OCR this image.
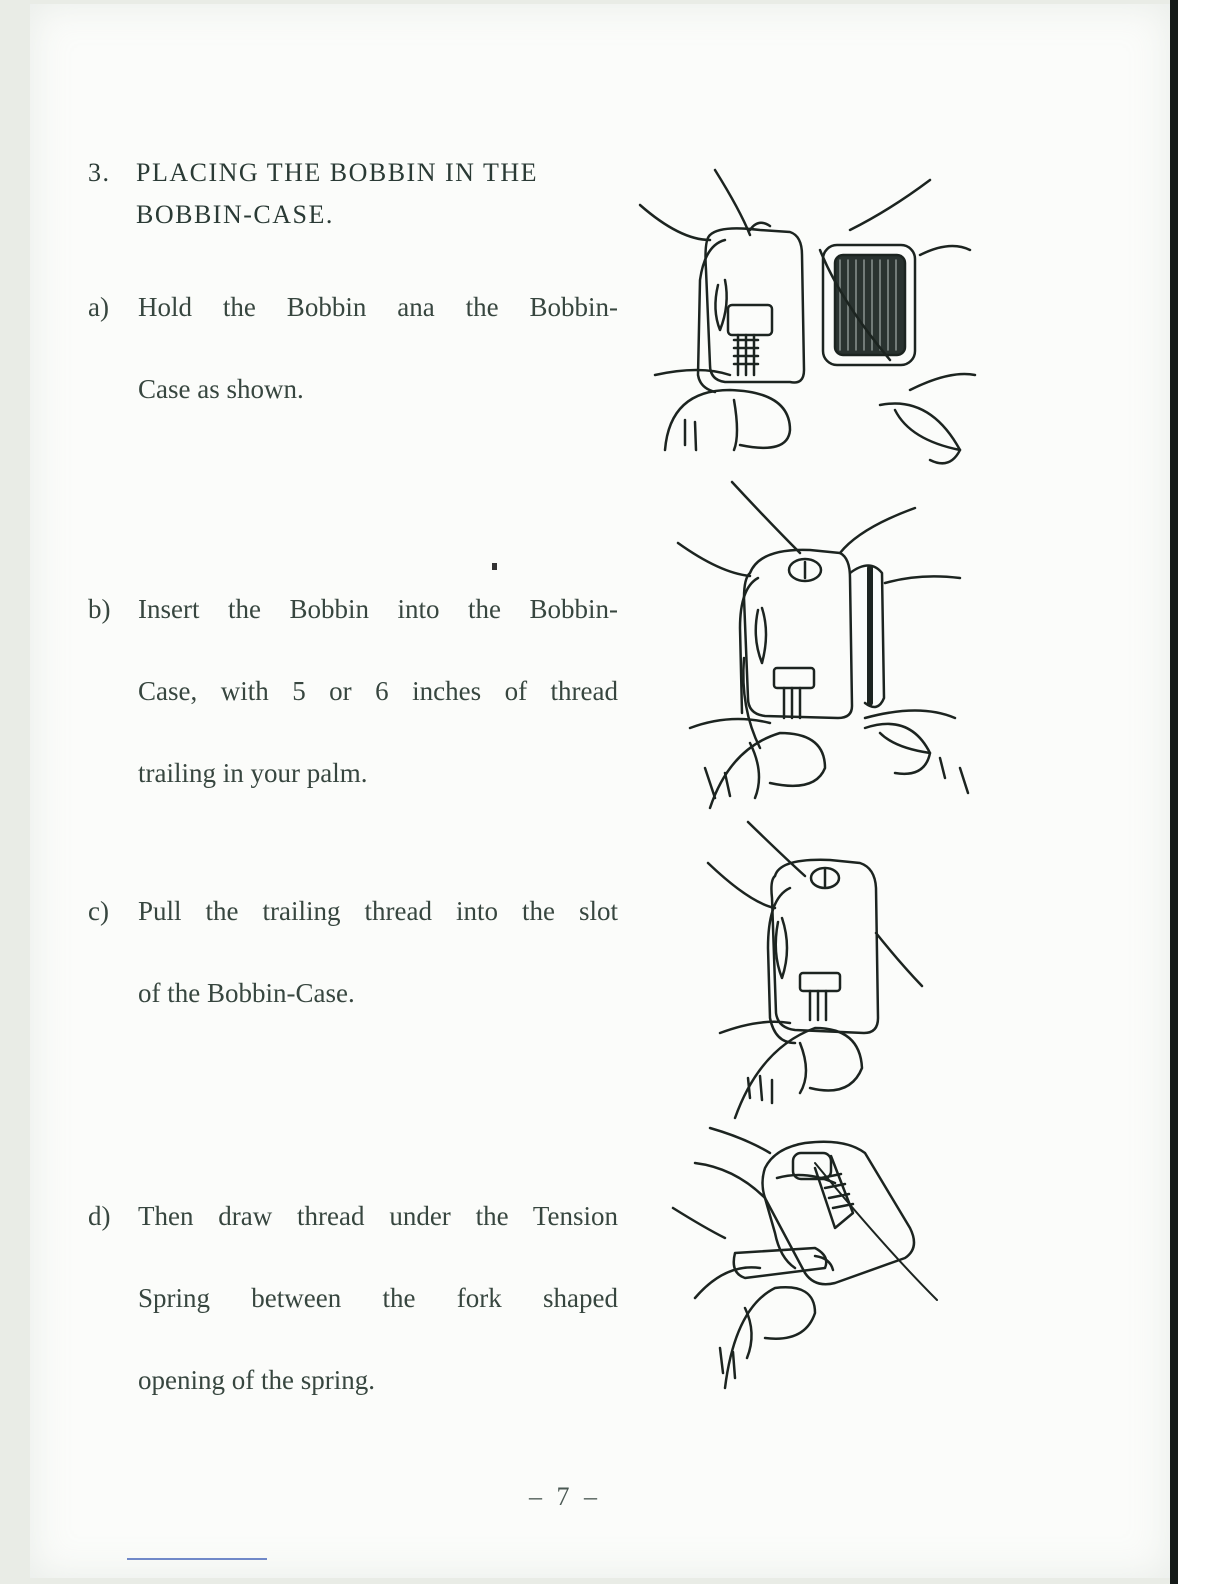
3. PLACING THE BOBBIN IN THE
BOBBIN-CASE.
a)	Hold the Bobbin ana the Bobbin-
Case as shown.
b)	Insert the Bobbin into the Bobbin-
Case, with 5 or 6 inches of thread
trailing in your palm.
c)	Pull the trailing thread into the slot
of the Bobbin-Case.
d)	Then draw thread under the Tension
Spring between the fork shaped
opening of the spring.
– 7 –
